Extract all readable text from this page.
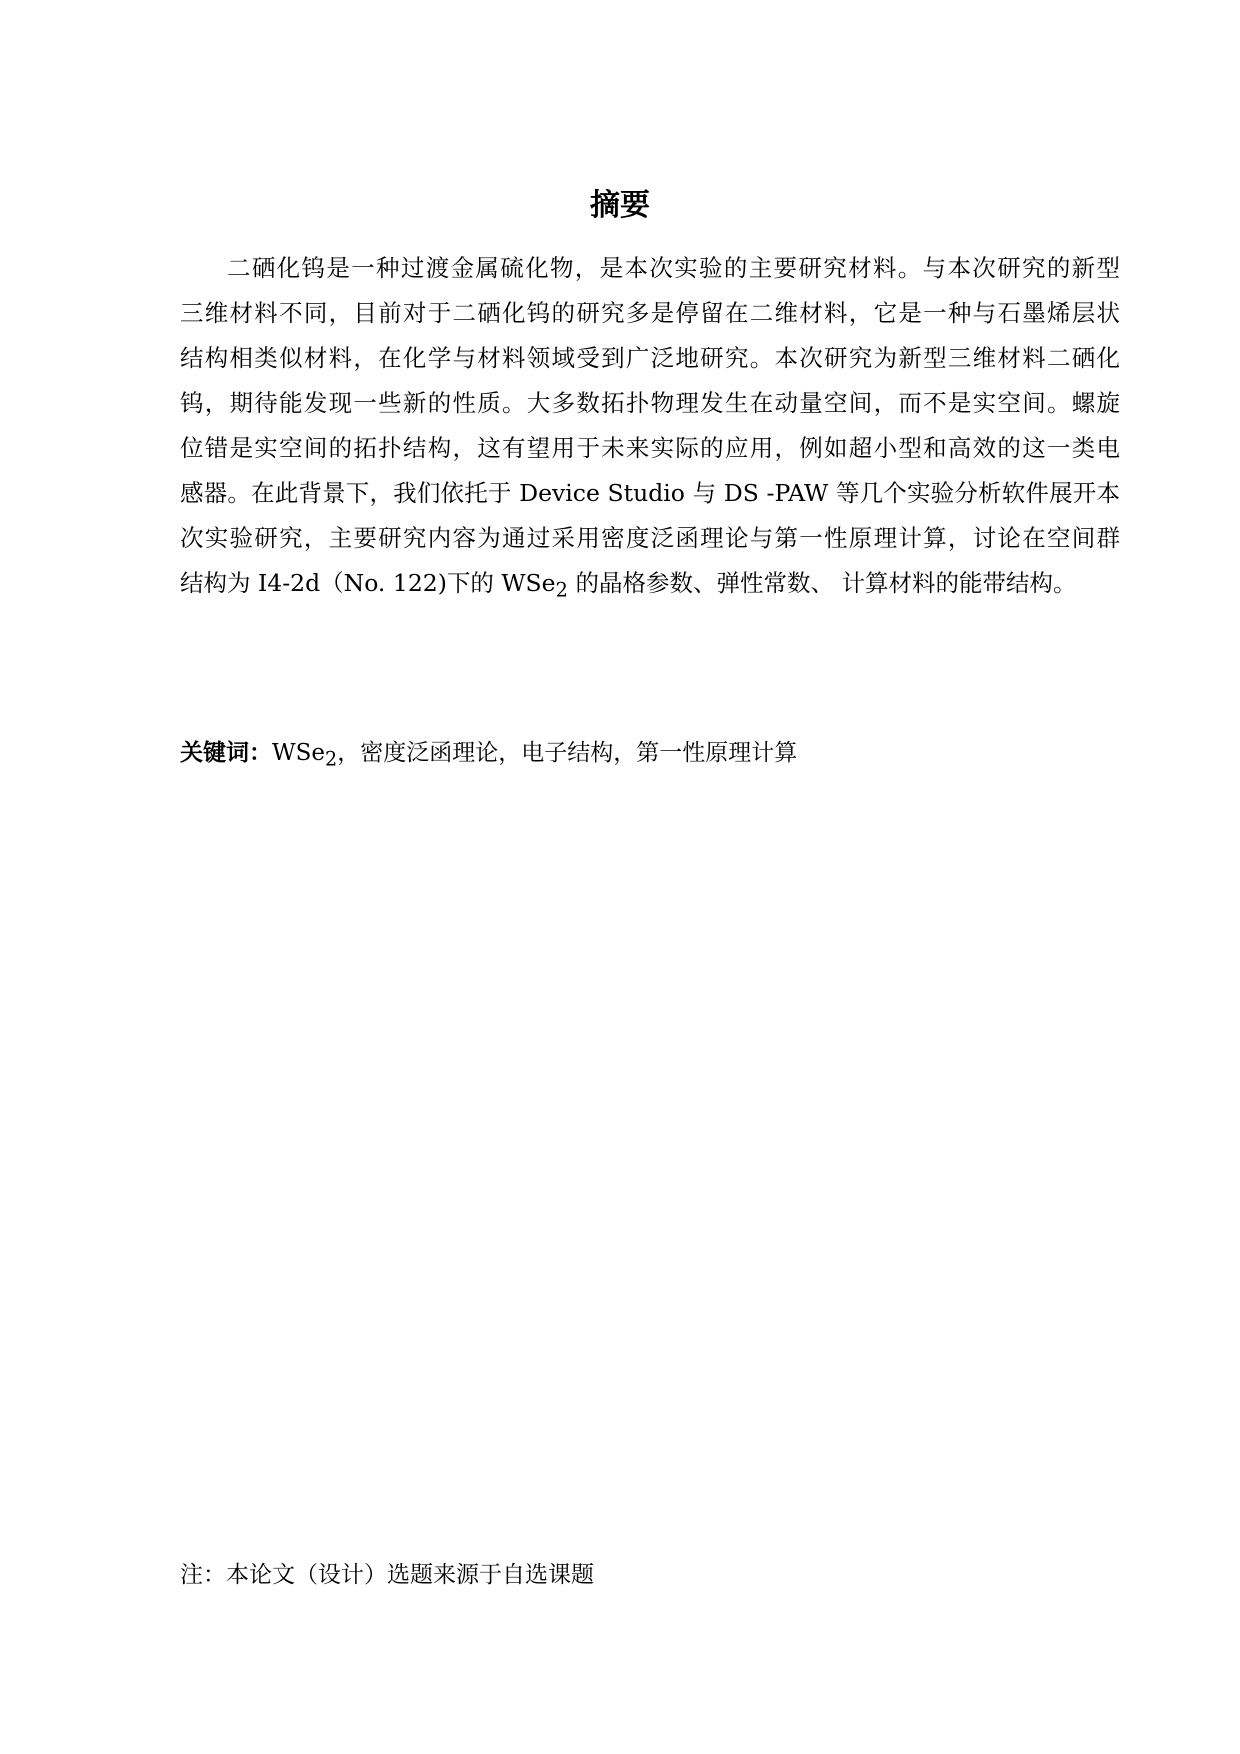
摘要
二硒化钨是一种过渡金属硫化物，是本次实验的主要研究材料。与本次研究的新型
三维材料不同，目前对于二硒化钨的研究多是停留在二维材料，它是一种与石墨烯层状
结构相类似材料，在化学与材料领域受到广泛地研究。本次研究为新型三维材料二硒化
钨，期待能发现一些新的性质。大多数拓扑物理发生在动量空间，而不是实空间。螺旋
位错是实空间的拓扑结构，这有望用于未来实际的应用，例如超小型和高效的这一类电
感器。在此背景下，我们依托于 Device Studio 与 DS -PAW 等几个实验分析软件展开本
次实验研究，主要研究内容为通过采用密度泛函理论与第一性原理计算，讨论在空间群
结构为 I4-2d（No. 122)下的 WSe$_2$ 的晶格参数、弹性常数、 计算材料的能带结构。
关键词：WSe$_2$，密度泛函理论，电子结构，第一性原理计算
注：本论文（设计）选题来源于自选课题
